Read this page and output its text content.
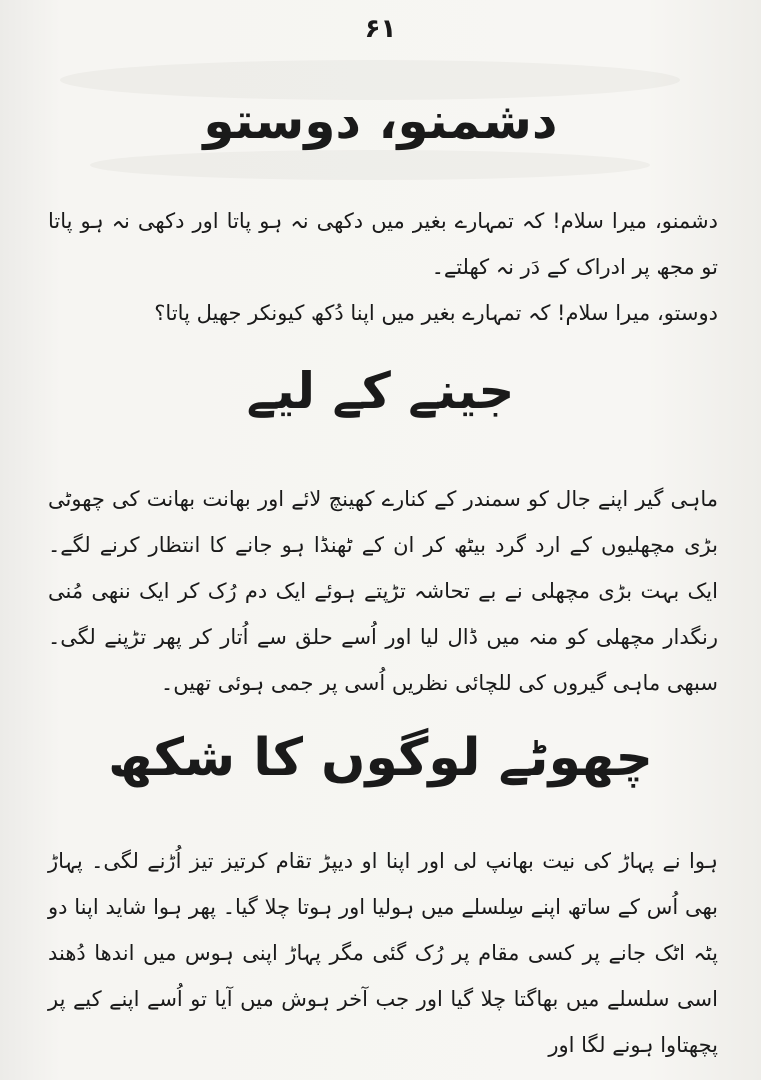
۶۱
دشمنو، دوستو
دشمنو، میرا سلام! کہ تمہارے بغیر میں دکھی نہ ہو پاتا اور دکھی نہ ہو پاتا تو مجھ پر ادراک کے دَر نہ کھلتے۔
دوستو، میرا سلام! کہ تمہارے بغیر میں اپنا دُکھ کیونکر جھیل پاتا؟
جینے کے لیے
ماہی گیر اپنے جال کو سمندر کے کنارے کھینچ لائے اور بھانت بھانت کی چھوٹی بڑی مچھلیوں کے ارد گرد بیٹھ کر ان کے ٹھنڈا ہو جانے کا انتظار کرنے لگے۔ ایک بہت بڑی مچھلی نے بے تحاشہ تڑپتے ہوئے ایک دم رُک کر ایک ننھی مُنی رنگدار مچھلی کو منہ میں ڈال لیا اور اُسے حلق سے اُتار کر پھر تڑپنے لگی۔ سبھی ماہی گیروں کی للچائی نظریں اُسی پر جمی ہوئی تھیں۔
چھوٹے لوگوں کا شکھ
ہوا نے پہاڑ کی نیت بھانپ لی اور اپنا او دیپڑ تقام کرتیز تیز اُڑنے لگی۔ پہاڑ بھی اُس کے ساتھ اپنے سِلسلے میں ہولیا اور ہوتا چلا گیا۔ پھر ہوا شاید اپنا دو پٹہ اٹک جانے پر کسی مقام پر رُک گئی مگر پہاڑ اپنی ہوس میں اندھا دُھند اسی سلسلے میں بھاگتا چلا گیا اور جب آخر ہوش میں آیا تو اُسے اپنے کیے پر پچھتاوا ہونے لگا اور
